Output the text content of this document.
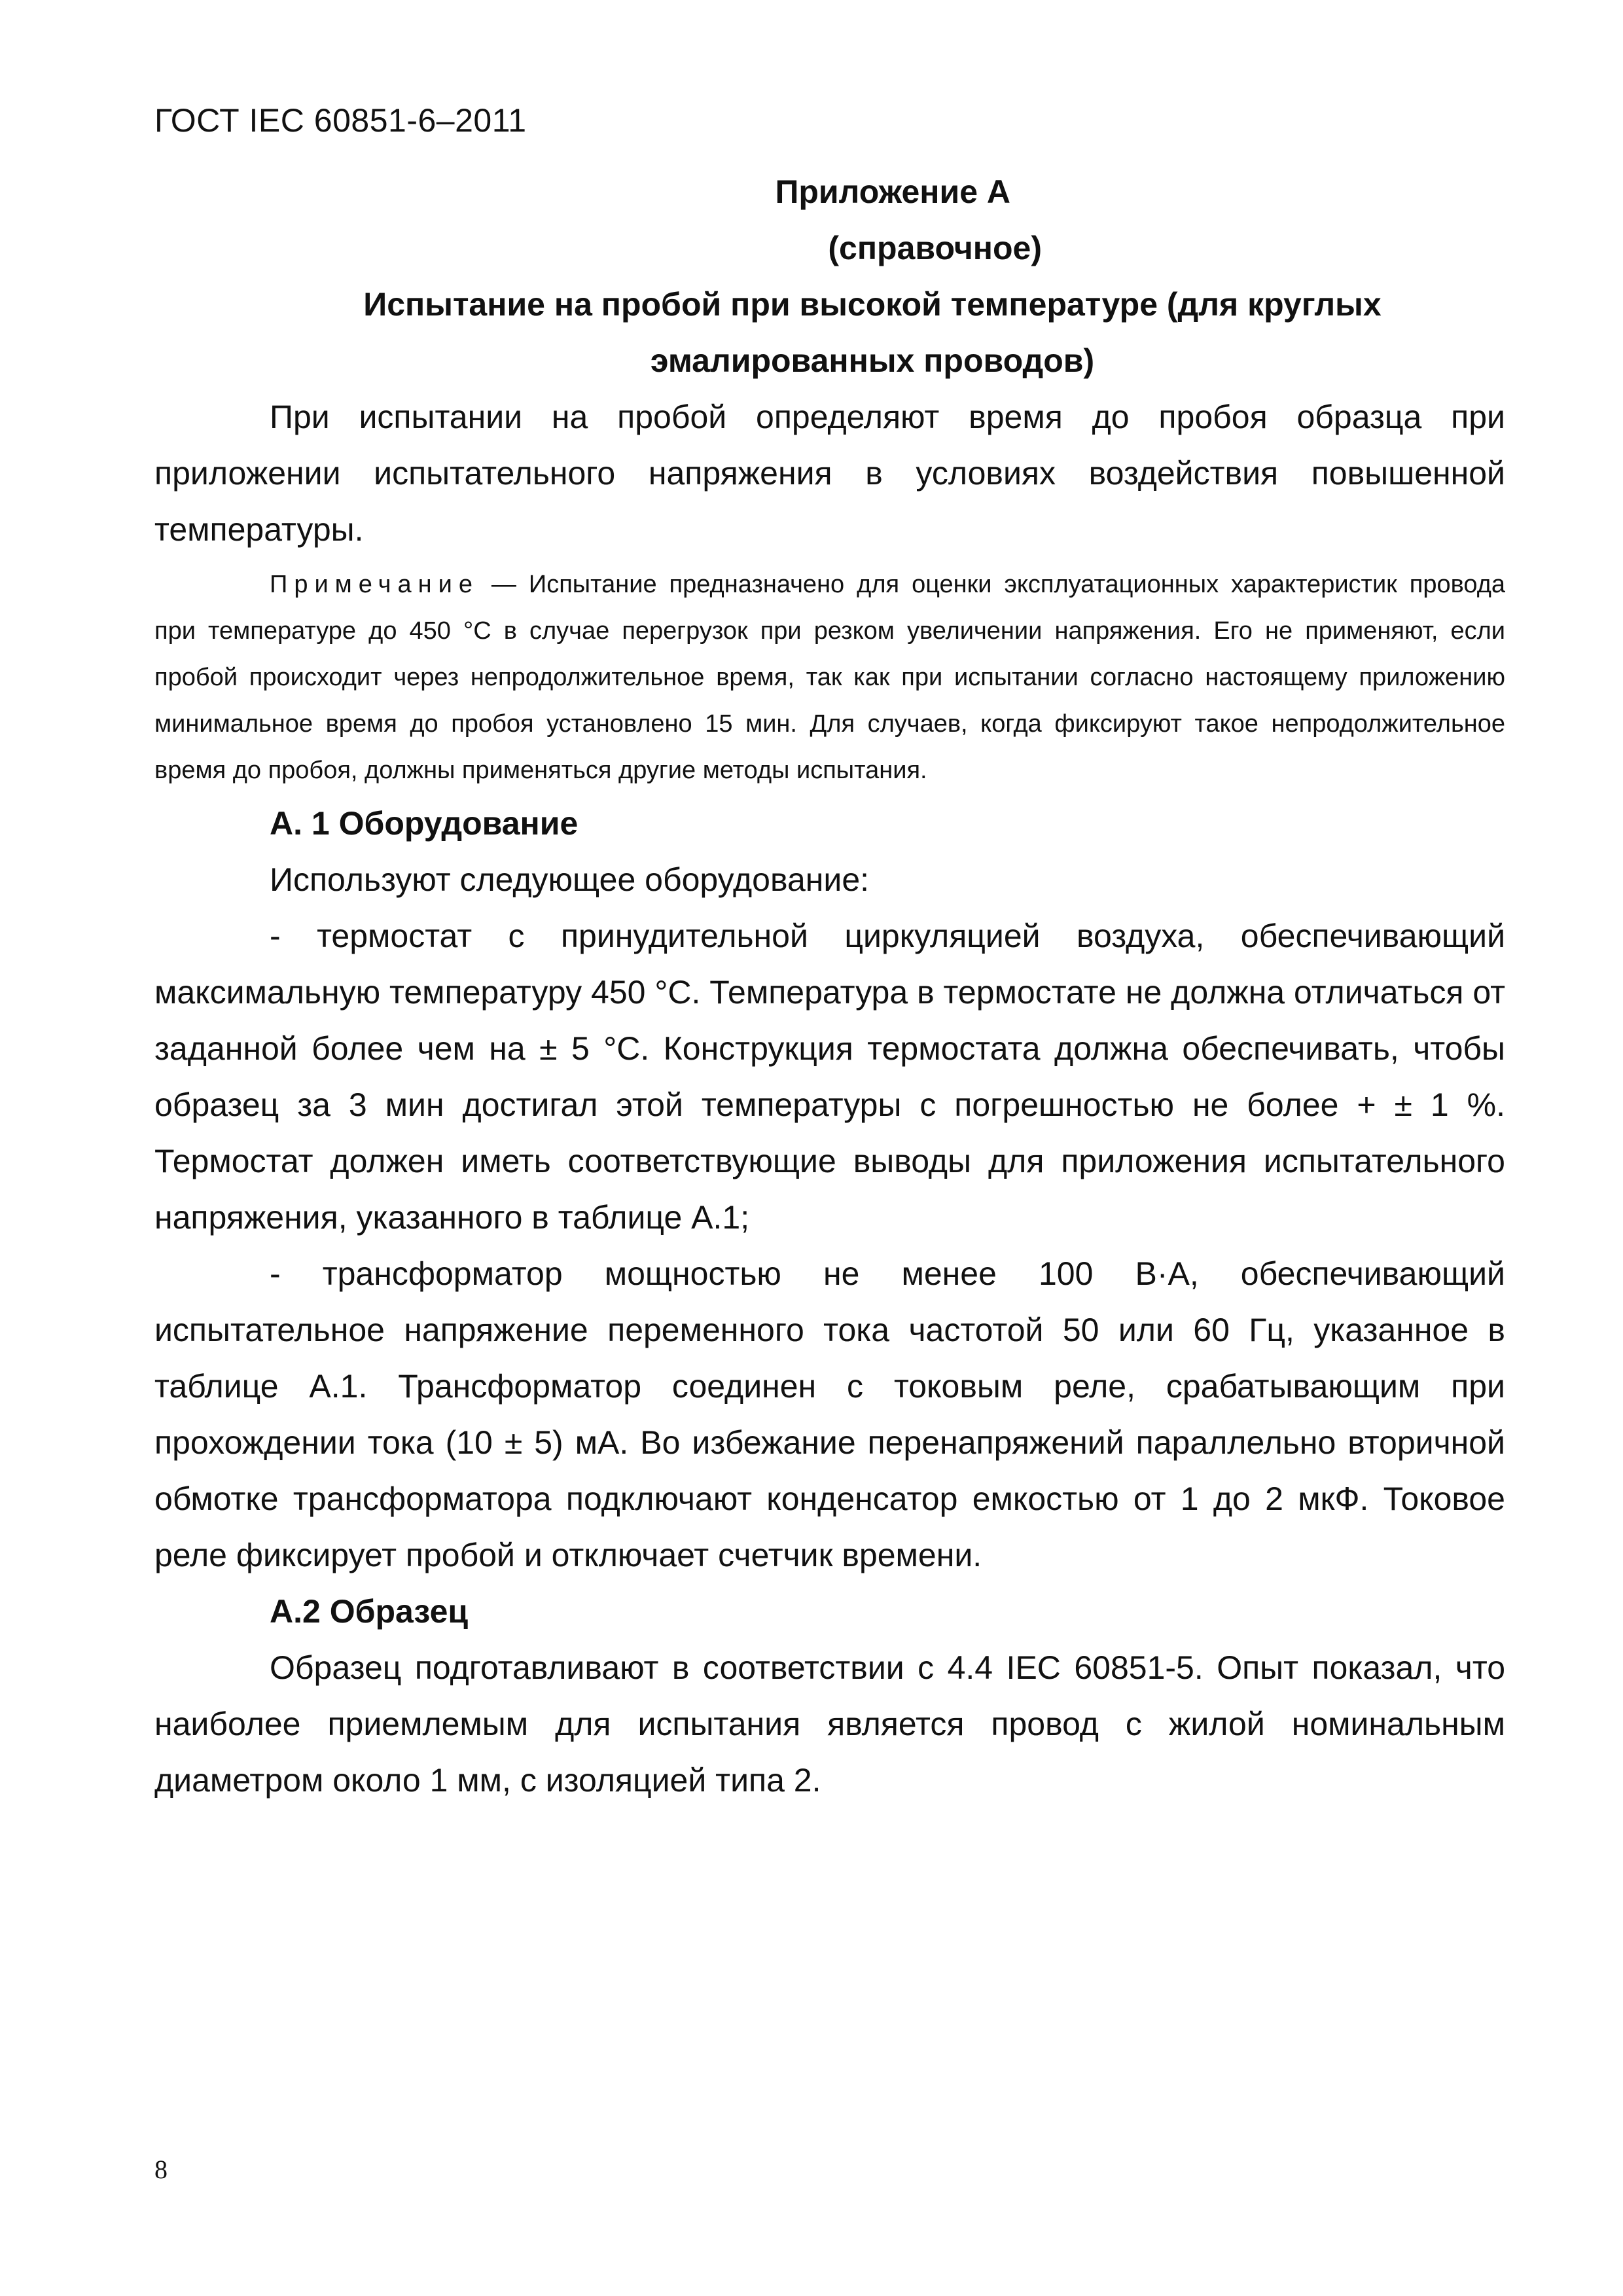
ГОСТ IEC 60851-6–2011
Приложение А
(справочное)
Испытание на пробой при высокой температуре (для круглых
эмалированных проводов)

При испытании на пробой определяют время до пробоя образца при приложении испытательного напряжения в условиях воздействия повышенной температуры.

Примечание — Испытание предназначено для оценки эксплуатационных характеристик провода при температуре до 450 °С в случае перегрузок при резком увеличении напряжения. Его не применяют, если пробой происходит через непродолжительное время, так как при испытании согласно настоящему приложению минимальное время до пробоя установлено 15 мин. Для случаев, когда фиксируют такое непродолжительное время до пробоя, должны применяться другие методы испытания.

А. 1 Оборудование

Используют следующее оборудование:

- термостат с принудительной циркуляцией воздуха, обеспечивающий максимальную температуру 450 °С. Температура в термостате не должна отличаться от заданной более чем на ± 5 °С. Конструкция термостата должна обеспечивать, чтобы образец за 3 мин достигал этой температуры с погрешностью не более + ± 1 %. Термостат должен иметь соответствующие выводы для приложения испытательного напряжения, указанного в таблице А.1;

- трансформатор мощностью не менее 100 В·А, обеспечивающий испытательное напряжение переменного тока частотой 50 или 60 Гц, указанное в таблице А.1. Трансформатор соединен с токовым реле, срабатывающим при прохождении тока (10 ± 5) мА. Во избежание перенапряжений параллельно вторичной обмотке трансформатора подключают конденсатор емкостью от 1 до 2 мкФ. Токовое реле фиксирует пробой и отключает счетчик времени.

А.2 Образец

Образец подготавливают в соответствии с 4.4 IEC 60851-5. Опыт показал, что наиболее приемлемым для испытания является провод с жилой номинальным диаметром около 1 мм, с изоляцией типа 2.

8
